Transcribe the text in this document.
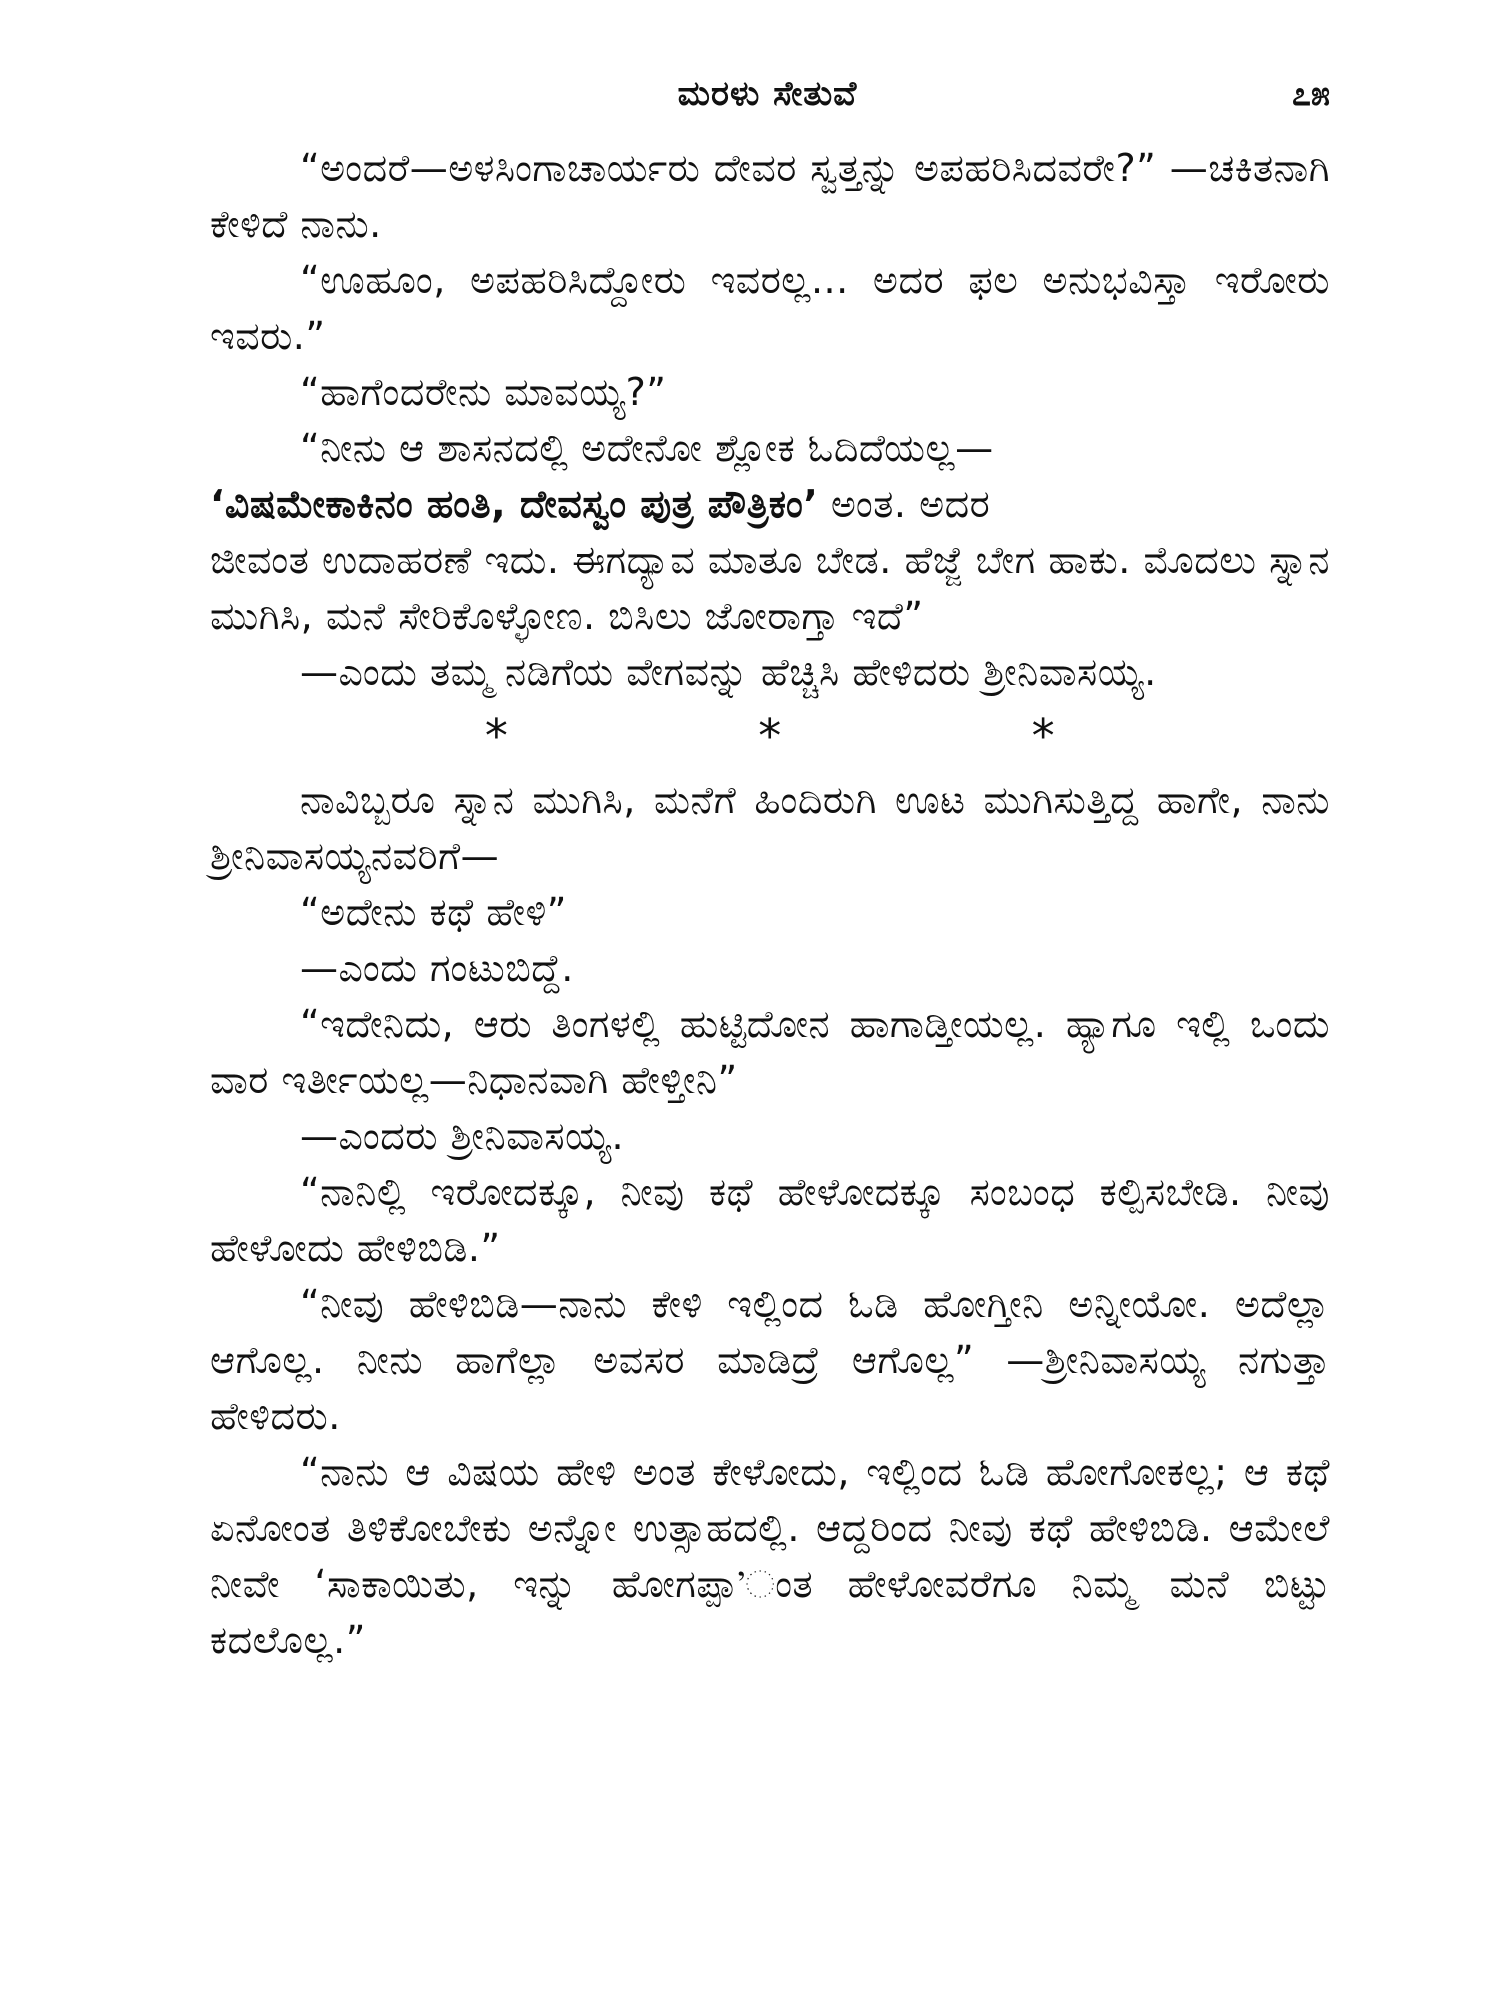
ಮರಳು ಸೇತುವೆ	೭೫

“ಅಂದರೆ—ಅಳಸಿಂಗಾಚಾರ್ಯರು ದೇವರ ಸ್ವತ್ತನ್ನು ಅಪಹರಿಸಿದವರೇ?” —ಚಕಿತನಾಗಿ ಕೇಳಿದೆ ನಾನು.

“ಊಹೂಂ, ಅಪಹರಿಸಿದ್ದೋರು ಇವರಲ್ಲ... ಅದರ ಫಲ ಅನುಭವಿಸ್ತಾ ಇರೋರು ಇವರು.”

“ಹಾಗೆಂದರೇನು ಮಾವಯ್ಯ?”

“ನೀನು ಆ ಶಾಸನದಲ್ಲಿ ಅದೇನೋ ಶ್ಲೋಕ ಓದಿದೆಯಲ್ಲ—

‘ವಿಷಮೇಕಾಕಿನಂ ಹಂತಿ, ದೇವಸ್ವಂ ಪುತ್ರ ಪೌತ್ರಿಕಂ’ ಅಂತ. ಅದರ

ಜೀವಂತ ಉದಾಹರಣೆ ಇದು. ಈಗದ್ಯಾವ ಮಾತೂ ಬೇಡ. ಹೆಜ್ಜೆ ಬೇಗ ಹಾಕು. ಮೊದಲು ಸ್ನಾನ ಮುಗಿಸಿ, ಮನೆ ಸೇರಿಕೊಳ್ಳೋಣ. ಬಿಸಿಲು ಜೋರಾಗ್ತಾ ಇದೆ”

—ಎಂದು ತಮ್ಮ ನಡಿಗೆಯ ವೇಗವನ್ನು ಹೆಚ್ಚಿಸಿ ಹೇಳಿದರು ಶ್ರೀನಿವಾಸಯ್ಯ.

*	*	*

ನಾವಿಬ್ಬರೂ ಸ್ನಾನ ಮುಗಿಸಿ, ಮನೆಗೆ ಹಿಂದಿರುಗಿ ಊಟ ಮುಗಿಸುತ್ತಿದ್ದ ಹಾಗೇ, ನಾನು ಶ್ರೀನಿವಾಸಯ್ಯನವರಿಗೆ—

“ಅದೇನು ಕಥೆ ಹೇಳಿ”

—ಎಂದು ಗಂಟುಬಿದ್ದೆ.

“ಇದೇನಿದು, ಆರು ತಿಂಗಳಲ್ಲಿ ಹುಟ್ಟಿದೋನ ಹಾಗಾಡ್ತೀಯಲ್ಲ. ಹ್ಯಾಗೂ ಇಲ್ಲಿ ಒಂದು ವಾರ ಇರ್ತೀಯಲ್ಲ—ನಿಧಾನವಾಗಿ ಹೇಳ್ತೀನಿ”

—ಎಂದರು ಶ್ರೀನಿವಾಸಯ್ಯ.

“ನಾನಿಲ್ಲಿ ಇರೋದಕ್ಕೂ, ನೀವು ಕಥೆ ಹೇಳೋದಕ್ಕೂ ಸಂಬಂಧ ಕಲ್ಪಿಸಬೇಡಿ. ನೀವು ಹೇಳೋದು ಹೇಳಿಬಿಡಿ.”

“ನೀವು ಹೇಳಿಬಿಡಿ—ನಾನು ಕೇಳಿ ಇಲ್ಲಿಂದ ಓಡಿ ಹೋಗ್ತೀನಿ ಅನ್ನೀಯೋ. ಅದೆಲ್ಲಾ ಆಗೊಲ್ಲ. ನೀನು ಹಾಗೆಲ್ಲಾ ಅವಸರ ಮಾಡಿದ್ರೆ ಆಗೊಲ್ಲ” —ಶ್ರೀನಿವಾಸಯ್ಯ ನಗುತ್ತಾ ಹೇಳಿದರು.

“ನಾನು ಆ ವಿಷಯ ಹೇಳಿ ಅಂತ ಕೇಳೋದು, ಇಲ್ಲಿಂದ ಓಡಿ ಹೋಗೋಕಲ್ಲ; ಆ ಕಥೆ ಏನೋಂತ ತಿಳಿಕೋಬೇಕು ಅನ್ನೋ ಉತ್ಸಾಹದಲ್ಲಿ. ಆದ್ದರಿಂದ ನೀವು ಕಥೆ ಹೇಳಿಬಿಡಿ. ಆಮೇಲೆ ನೀವೇ ‘ಸಾಕಾಯಿತು, ಇನ್ನು ಹೋಗಪ್ಪಾ’ಂತ ಹೇಳೋವರೆಗೂ ನಿಮ್ಮ ಮನೆ ಬಿಟ್ಟು ಕದಲೊಲ್ಲ.”
